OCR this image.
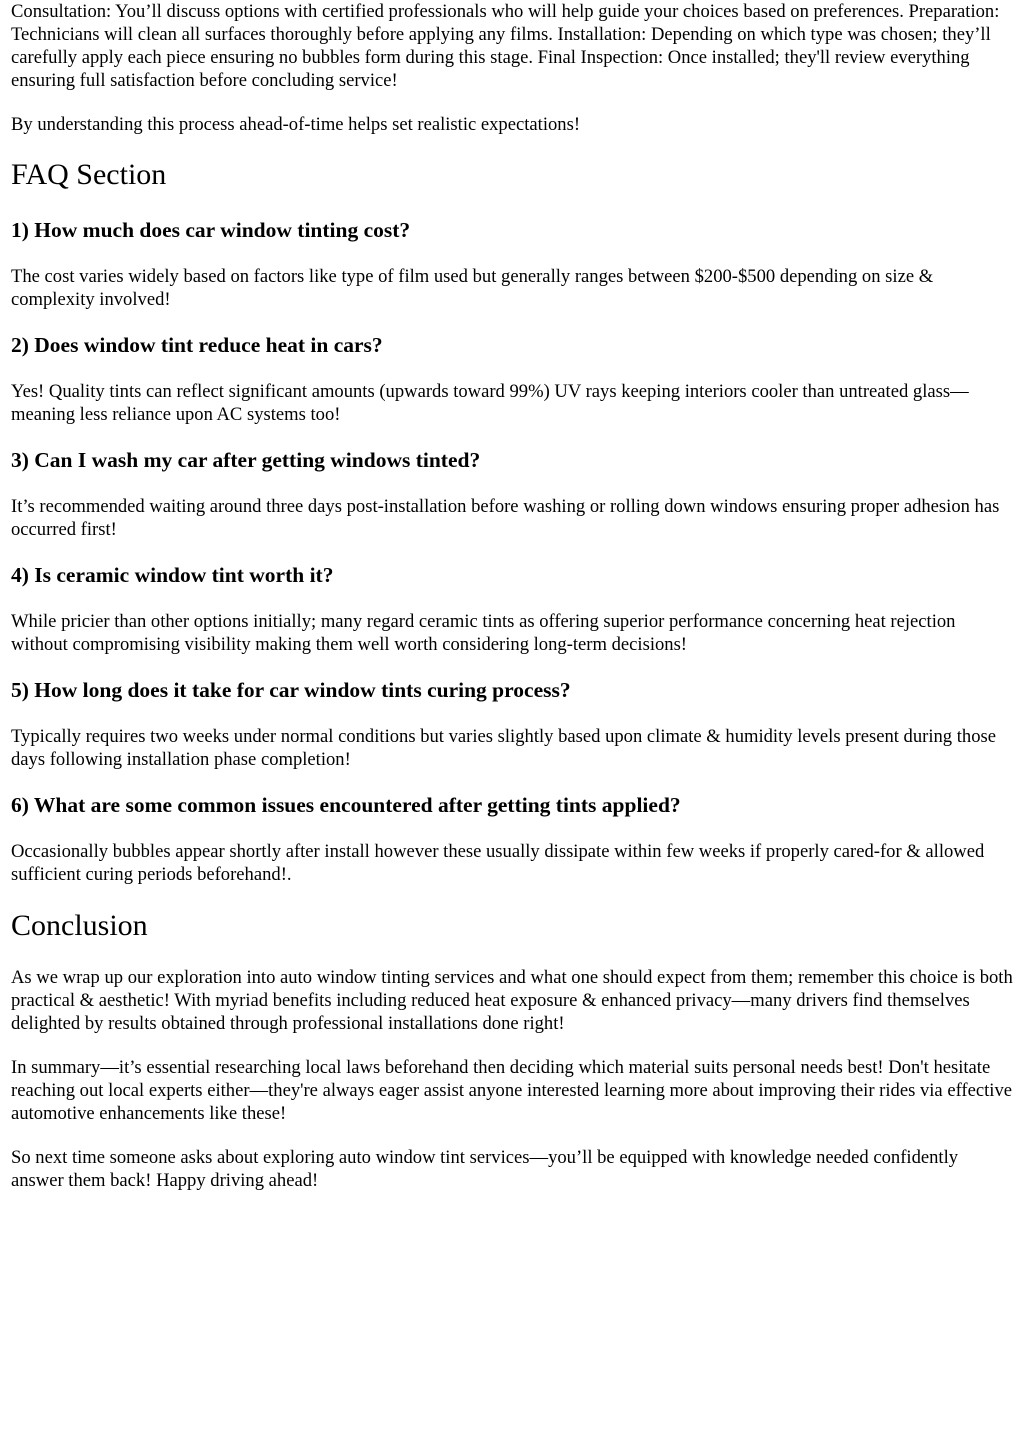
Consultation: You’ll discuss options with certified professionals who will help guide your choices based on preferences. Preparation: Technicians will clean all surfaces thoroughly before applying any films. Installation: Depending on which type was chosen; they’ll carefully apply each piece ensuring no bubbles form during this stage. Final Inspection: Once installed; they'll review everything ensuring full satisfaction before concluding service!

By understanding this process ahead-of-time helps set realistic expectations!

FAQ Section
1) How much does car window tinting cost?

The cost varies widely based on factors like type of film used but generally ranges between $200-$500 depending on size & complexity involved!

2) Does window tint reduce heat in cars?

Yes! Quality tints can reflect significant amounts (upwards toward 99%) UV rays keeping interiors cooler than untreated glass—meaning less reliance upon AC systems too!

3) Can I wash my car after getting windows tinted?

It’s recommended waiting around three days post-installation before washing or rolling down windows ensuring proper adhesion has occurred first!

4) Is ceramic window tint worth it?

While pricier than other options initially; many regard ceramic tints as offering superior performance concerning heat rejection without compromising visibility making them well worth considering long-term decisions!

5) How long does it take for car window tints curing process?

Typically requires two weeks under normal conditions but varies slightly based upon climate & humidity levels present during those days following installation phase completion!

6) What are some common issues encountered after getting tints applied?

Occasionally bubbles appear shortly after install however these usually dissipate within few weeks if properly cared-for & allowed sufficient curing periods beforehand!.

Conclusion

As we wrap up our exploration into auto window tinting services and what one should expect from them; remember this choice is both practical & aesthetic! With myriad benefits including reduced heat exposure & enhanced privacy—many drivers find themselves delighted by results obtained through professional installations done right!

In summary—it’s essential researching local laws beforehand then deciding which material suits personal needs best! Don't hesitate reaching out local experts either—they're always eager assist anyone interested learning more about improving their rides via effective automotive enhancements like these!

So next time someone asks about exploring auto window tint services—you’ll be equipped with knowledge needed confidently answer them back! Happy driving ahead!
